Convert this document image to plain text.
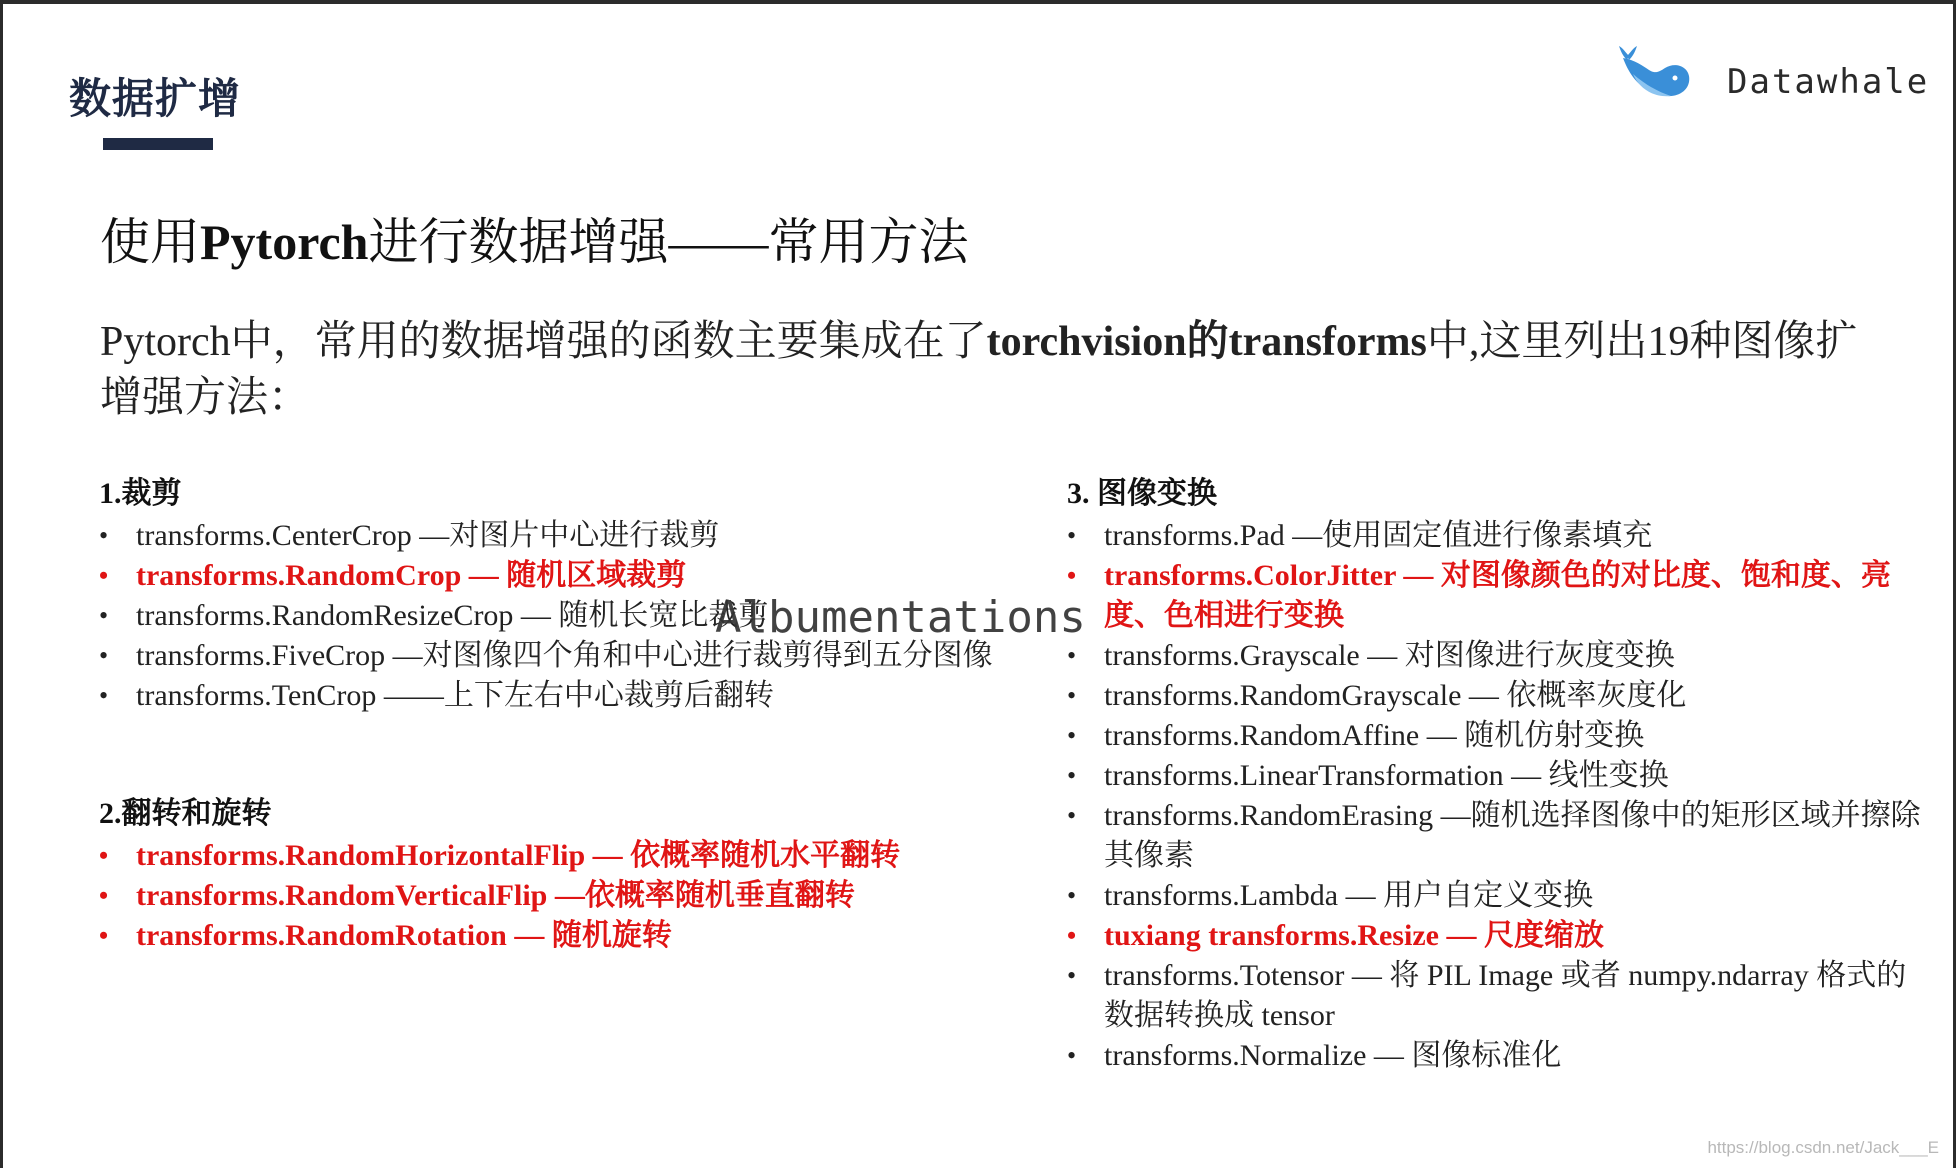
数据扩增	Datawhale
使用Pytorch进行数据增强——常用方法
Pytorch中，常用的数据增强的函数主要集成在了torchvision的transforms中,这里列出19种图像扩增强方法：
1.裁剪
• transforms.CenterCrop —对图片中心进行裁剪
• transforms.RandomCrop — 随机区域裁剪
• transforms.RandomResizeCrop — 随机长宽比裁剪
• transforms.FiveCrop —对图像四个角和中心进行裁剪得到五分图像
• transforms.TenCrop ——上下左右中心裁剪后翻转
2.翻转和旋转
• transforms.RandomHorizontalFlip — 依概率随机水平翻转
• transforms.RandomVerticalFlip —依概率随机垂直翻转
• transforms.RandomRotation — 随机旋转
3. 图像变换
• transforms.Pad —使用固定值进行像素填充
• transforms.ColorJitter — 对图像颜色的对比度、饱和度、亮度、色相进行变换
• transforms.Grayscale — 对图像进行灰度变换
• transforms.RandomGrayscale — 依概率灰度化
• transforms.RandomAffine — 随机仿射变换
• transforms.LinearTransformation — 线性变换
• transforms.RandomErasing —随机选择图像中的矩形区域并擦除其像素
• transforms.Lambda — 用户自定义变换
• tuxiang transforms.Resize — 尺度缩放
• transforms.Totensor — 将 PIL Image 或者 numpy.ndarray 格式的数据转换成 tensor
• transforms.Normalize — 图像标准化
Albumentations
https://blog.csdn.net/Jack___E
